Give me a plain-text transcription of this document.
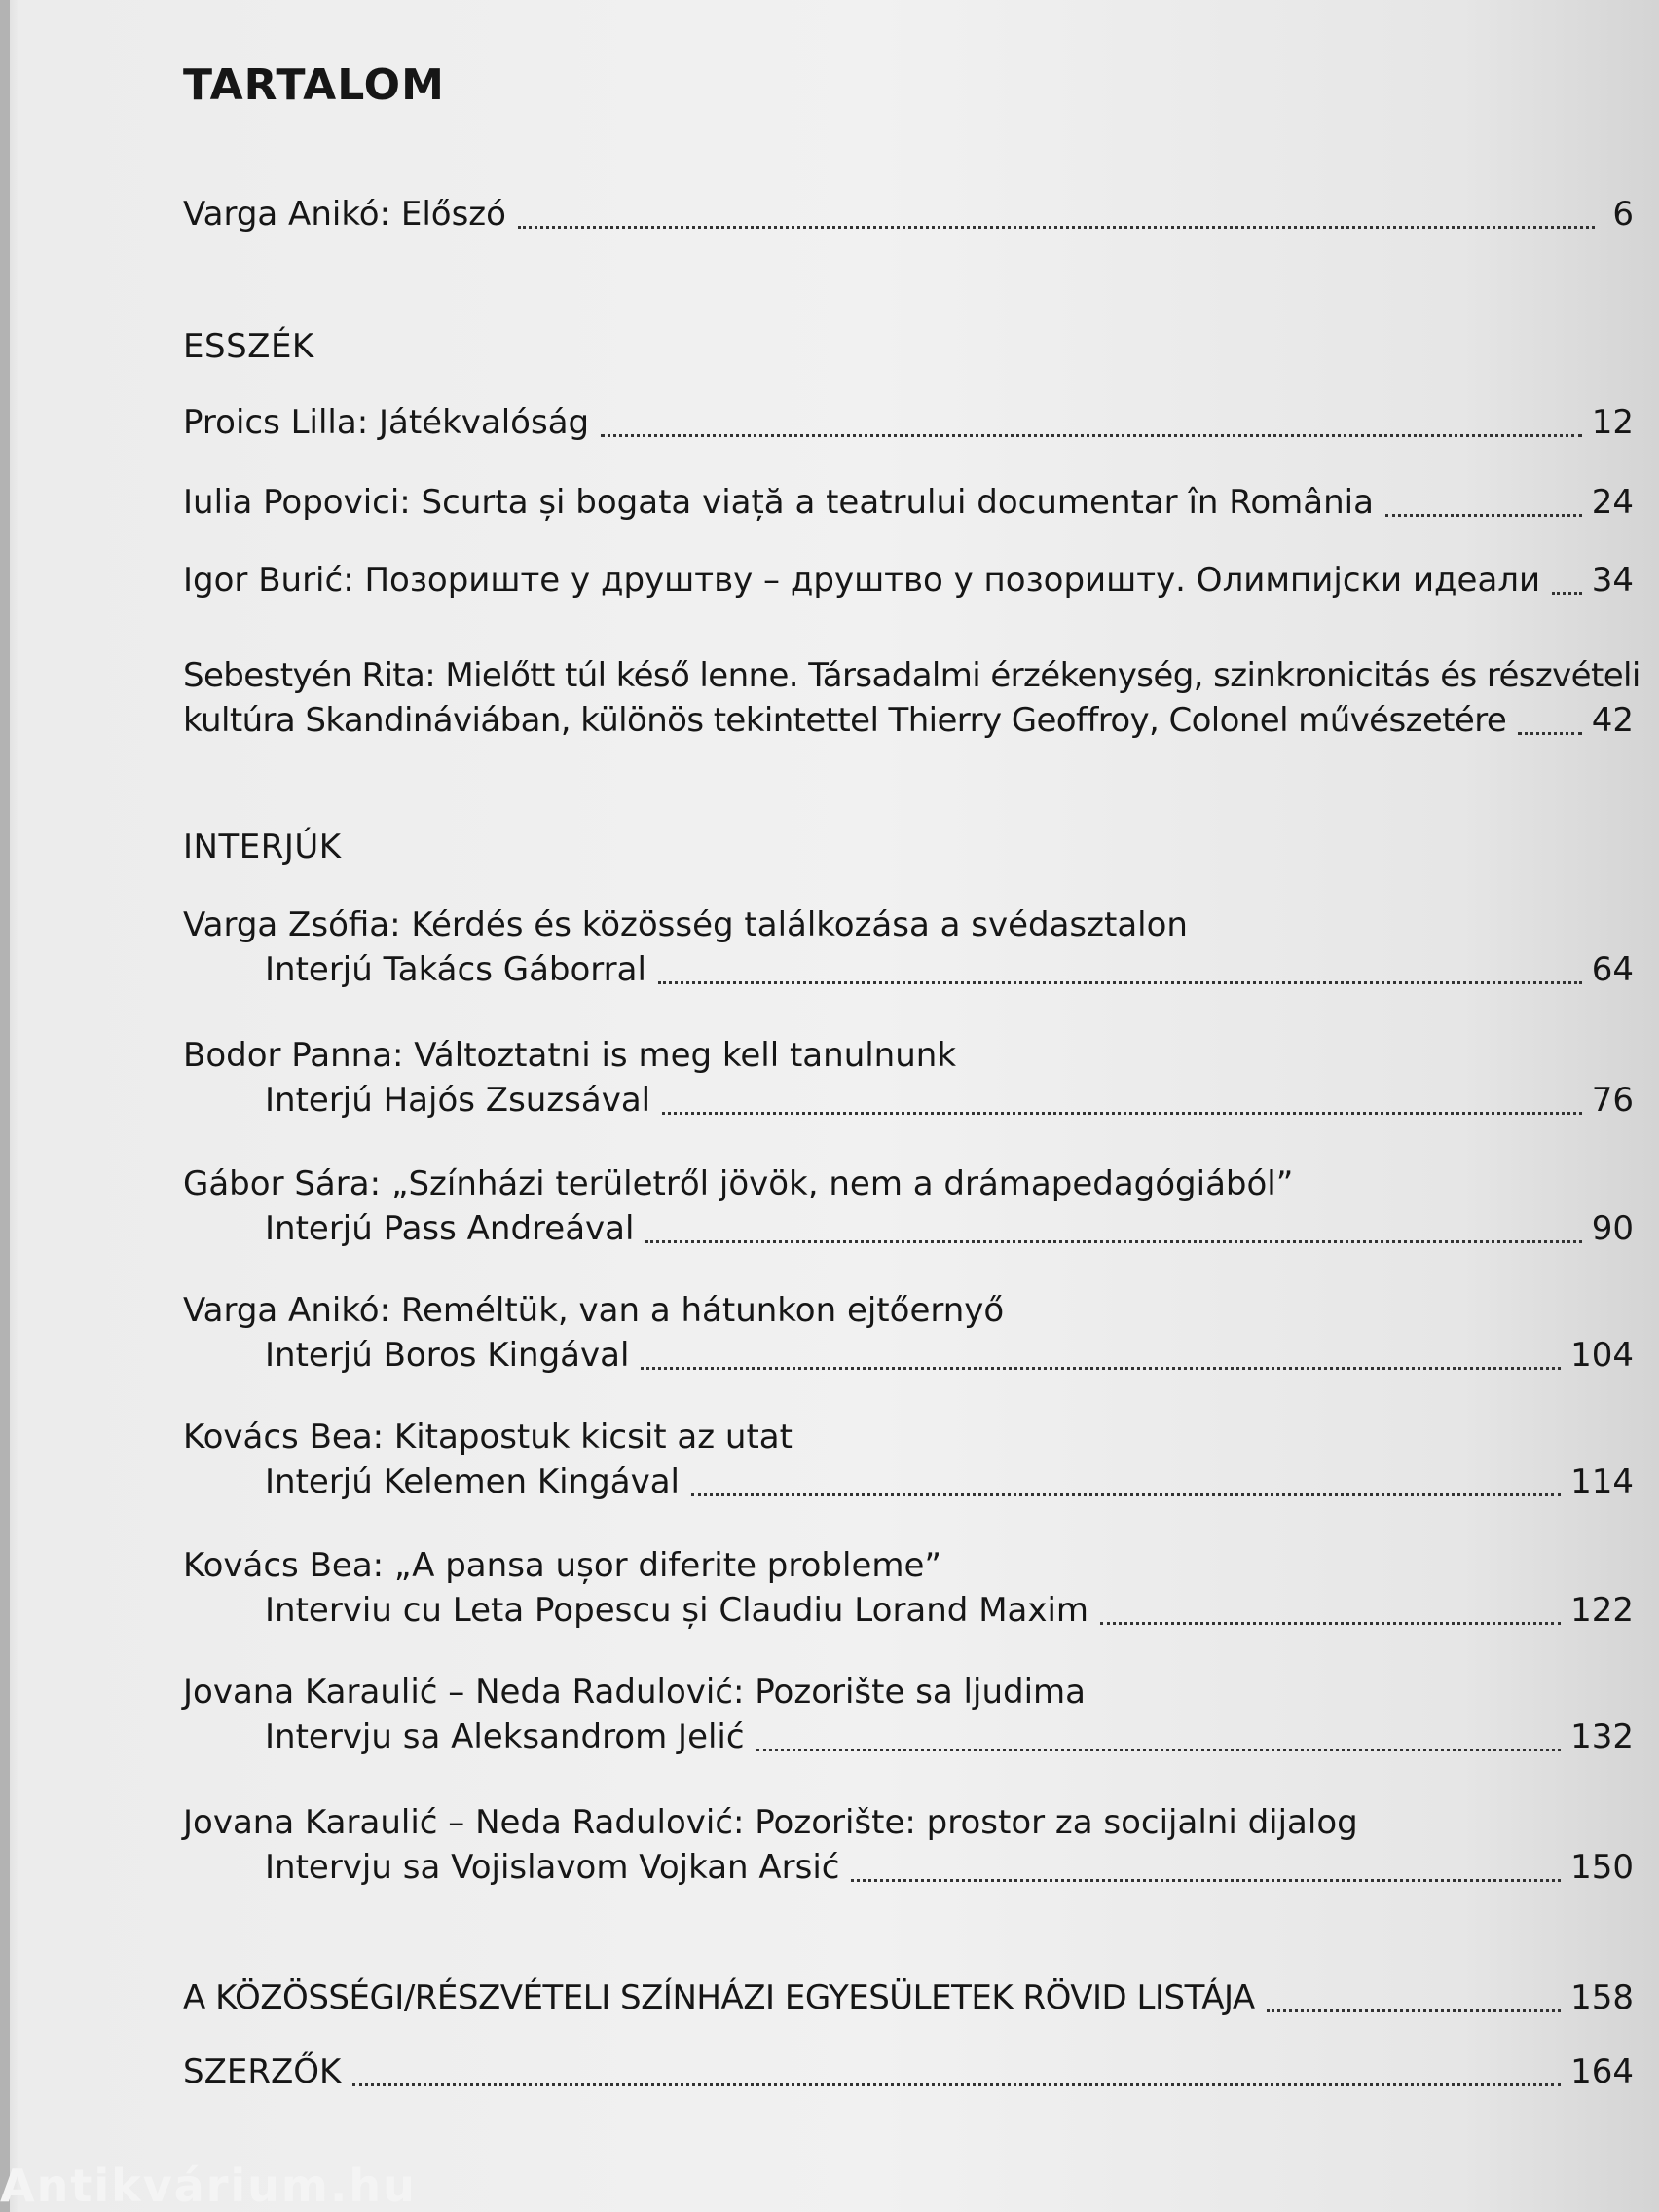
TARTALOM
Varga Anikó: Előszó	6
ESSZÉK
Proics Lilla: Játékvalóság	12
Iulia Popovici: Scurta și bogata viață a teatrului documentar în România	24
Igor Burić: Позориште у друштву – друштво у позоришту. Олимпијски идеали 34
Sebestyén Rita: Mielőtt túl késő lenne. Társadalmi érzékenység, szinkronicitás és részvételi
kultúra Skandináviában, különös tekintettel Thierry Geoffroy, Colonel művészetére	42
INTERJÚK
Varga Zsófia: Kérdés és közösség találkozása a svédasztalon
Interjú Takács Gáborral	64
Bodor Panna: Változtatni is meg kell tanulnunk
Interjú Hajós Zsuzsával	76
Gábor Sára: „Színházi területről jövök, nem a drámapedagógiából”
Interjú Pass Andreával	90
Varga Anikó: Reméltük, van a hátunkon ejtőernyő
Interjú Boros Kingával	104
Kovács Bea: Kitapostuk kicsit az utat
Interjú Kelemen Kingával	114
Kovács Bea: „A pansa ușor diferite probleme”
Interviu cu Leta Popescu și Claudiu Lorand Maxim	122
Jovana Karaulić – Neda Radulović: Pozorište sa ljudima
Intervju sa Aleksandrom Jelić	132
Jovana Karaulić – Neda Radulović: Pozorište: prostor za socijalni dijalog
Intervju sa Vojislavom Vojkan Arsić	150
A KÖZÖSSÉGI/RÉSZVÉTELI SZÍNHÁZI EGYESÜLETEK RÖVID LISTÁJA	158
SZERZŐK	164
Antikvárium.hu
